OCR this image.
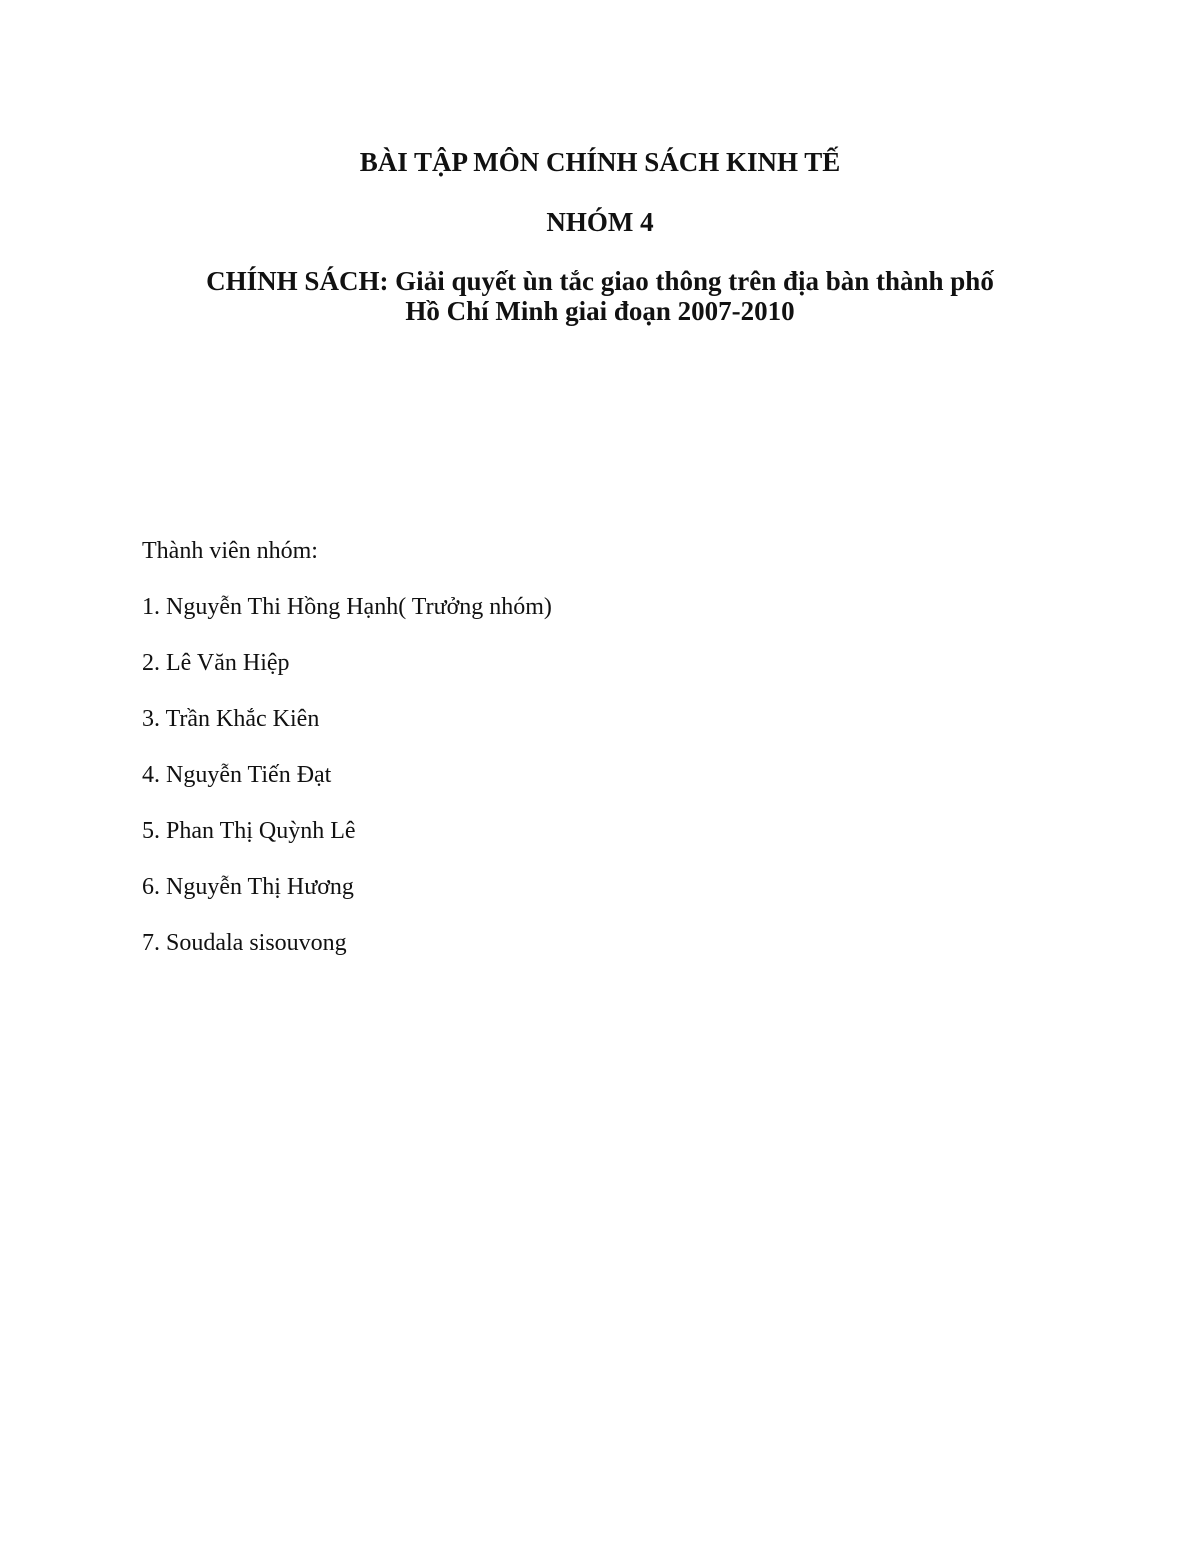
BÀI TẬP MÔN CHÍNH SÁCH KINH TẾ
NHÓM 4
CHÍNH SÁCH: Giải quyết ùn tắc giao thông trên địa bàn thành phố
Hồ Chí Minh giai đoạn 2007-2010
Thành viên nhóm:
1. Nguyễn Thi Hồng Hạnh( Trưởng nhóm)
2. Lê Văn Hiệp
3. Trần Khắc Kiên
4. Nguyễn Tiến Đạt
5. Phan Thị Quỳnh Lê
6. Nguyễn Thị Hương
7. Soudala sisouvong
